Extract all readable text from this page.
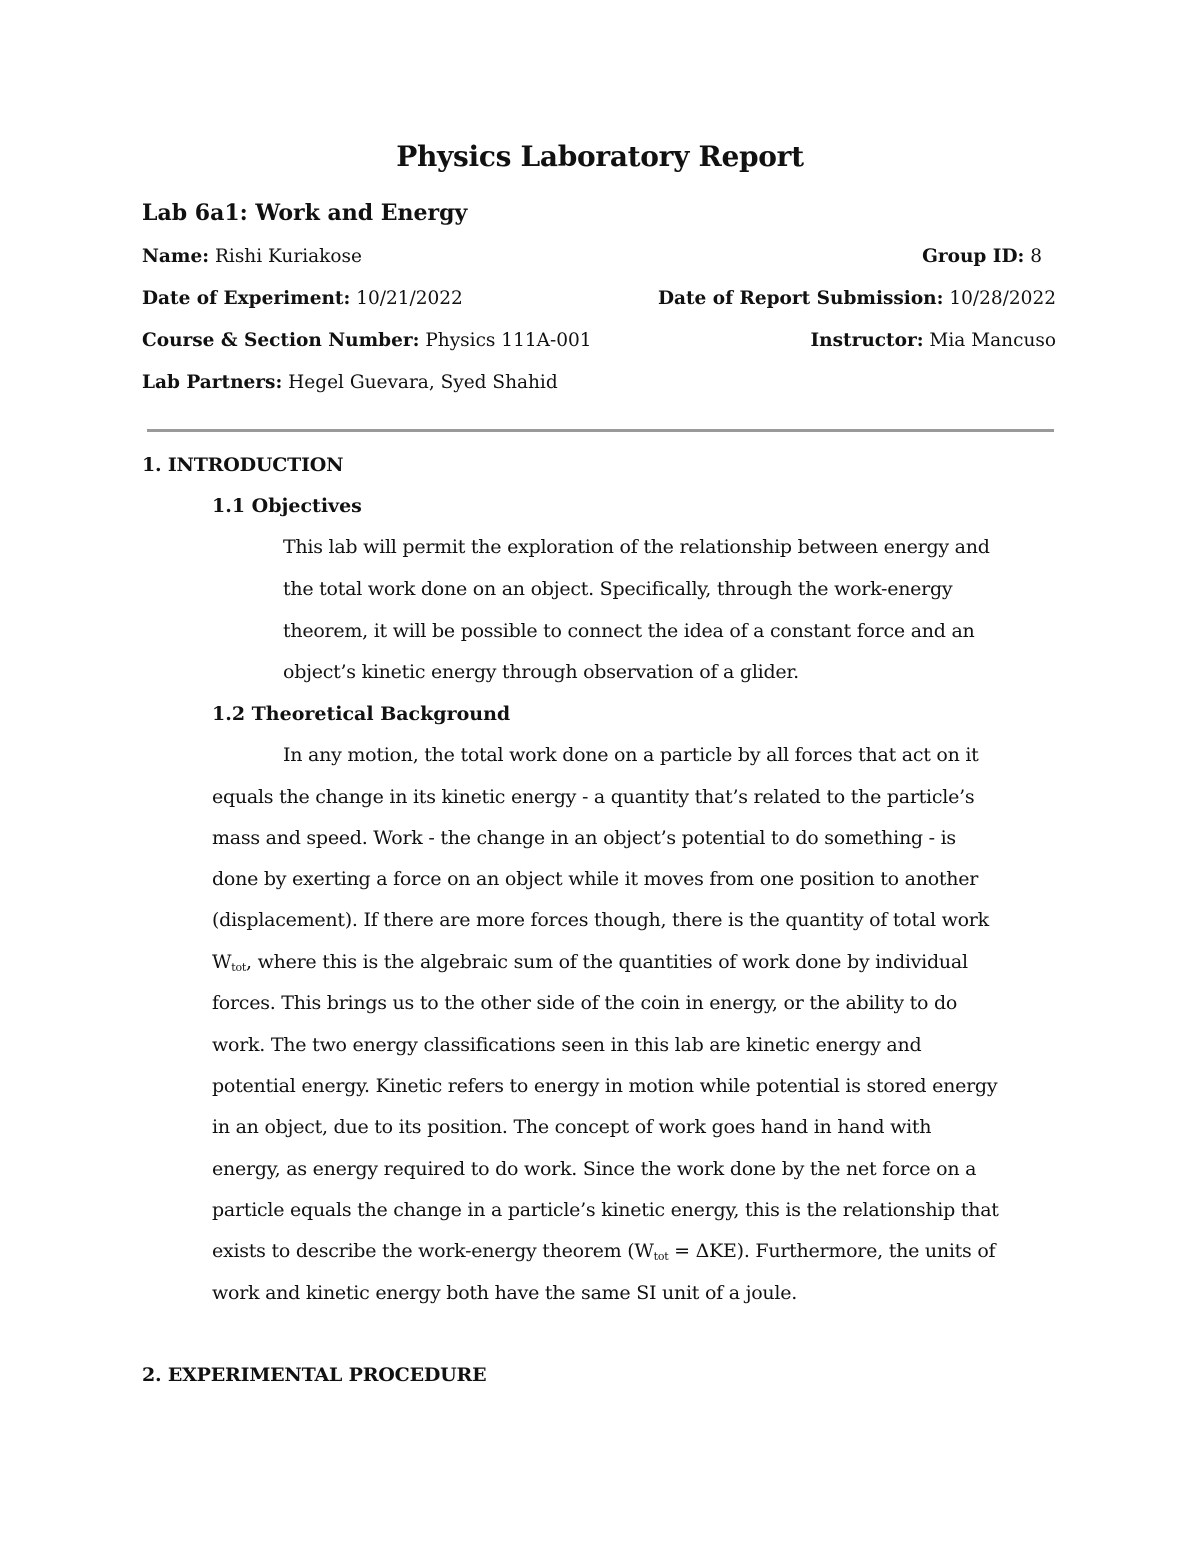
Physics Laboratory Report
Lab 6a1: Work and Energy
Name: Rishi Kuriakose	Group ID: 8
Date of Experiment: 10/21/2022	Date of Report Submission: 10/28/2022
Course & Section Number: Physics 111A-001	Instructor: Mia Mancuso
Lab Partners: Hegel Guevara, Syed Shahid
1. INTRODUCTION
1.1 Objectives
This lab will permit the exploration of the relationship between energy and
the total work done on an object. Specifically, through the work-energy
theorem, it will be possible to connect the idea of a constant force and an
object’s kinetic energy through observation of a glider.
1.2 Theoretical Background
In any motion, the total work done on a particle by all forces that act on it
equals the change in its kinetic energy - a quantity that’s related to the particle’s
mass and speed. Work - the change in an object’s potential to do something - is
done by exerting a force on an object while it moves from one position to another
(displacement). If there are more forces though, there is the quantity of total work
$W_{tot}$, where this is the algebraic sum of the quantities of work done by individual
forces. This brings us to the other side of the coin in energy, or the ability to do
work. The two energy classifications seen in this lab are kinetic energy and
potential energy. Kinetic refers to energy in motion while potential is stored energy
in an object, due to its position. The concept of work goes hand in hand with
energy, as energy required to do work. Since the work done by the net force on a
particle equals the change in a particle’s kinetic energy, this is the relationship that
exists to describe the work-energy theorem $(W_{tot} = \Delta KE)$. Furthermore, the units of
work and kinetic energy both have the same SI unit of a joule.
2. EXPERIMENTAL PROCEDURE
